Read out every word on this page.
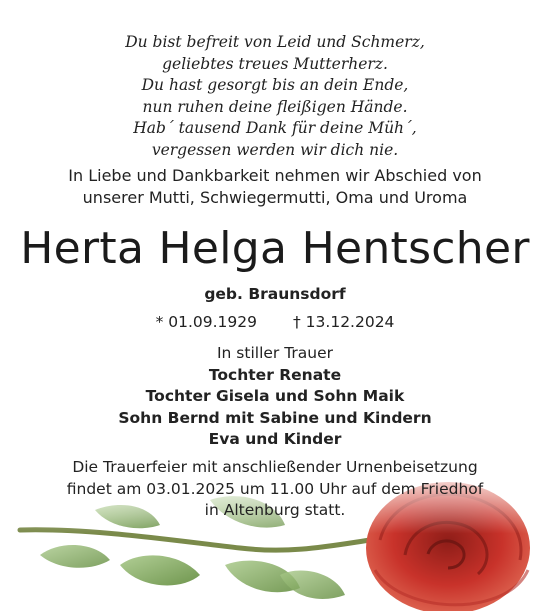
Du bist befreit von Leid und Schmerz,
geliebtes treues Mutterherz.
Du hast gesorgt bis an dein Ende,
nun ruhen deine fleißigen Hände.
Hab´ tausend Dank für deine Müh´,
vergessen werden wir dich nie.
In Liebe und Dankbarkeit nehmen wir Abschied von
unserer Mutti, Schwiegermutti, Oma und Uroma
Herta Helga Hentscher
geb. Braunsdorf
* 01.09.1929 † 13.12.2024
In stiller Trauer
Tochter Renate
Tochter Gisela und Sohn Maik
Sohn Bernd mit Sabine und Kindern
Eva und Kinder
Die Trauerfeier mit anschließender Urnenbeisetzung
findet am 03.01.2025 um 11.00 Uhr auf dem Friedhof
in Altenburg statt.
